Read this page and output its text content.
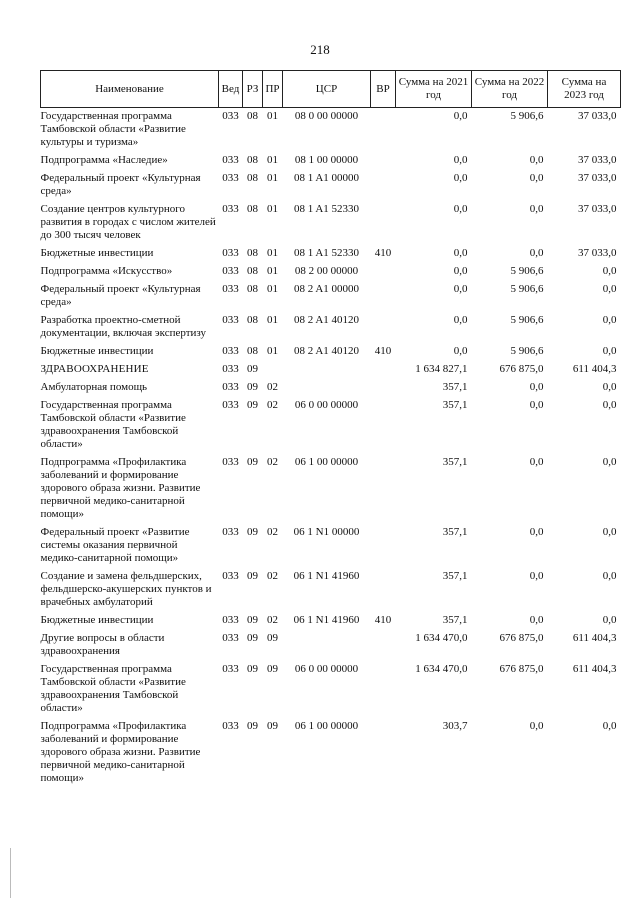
218
Наименование	Вед	РЗ	ПР	ЦСР	ВР	Сумма на 2021 год	Сумма на 2022 год	Сумма на 2023 год
Государственная программа Тамбовской области «Развитие культуры и туризма»	033	08	01	08 0 00 00000		0,0	5 906,6	37 033,0
Подпрограмма «Наследие»	033	08	01	08 1 00 00000		0,0	0,0	37 033,0
Федеральный проект «Культурная среда»	033	08	01	08 1 A1 00000		0,0	0,0	37 033,0
Создание центров культурного развития в городах с числом жителей до 300 тысяч человек	033	08	01	08 1 A1 52330		0,0	0,0	37 033,0
Бюджетные инвестиции	033	08	01	08 1 A1 52330	410	0,0	0,0	37 033,0
Подпрограмма «Искусство»	033	08	01	08 2 00 00000		0,0	5 906,6	0,0
Федеральный проект «Культурная среда»	033	08	01	08 2 A1 00000		0,0	5 906,6	0,0
Разработка проектно-сметной документации, включая экспертизу	033	08	01	08 2 A1 40120		0,0	5 906,6	0,0
Бюджетные инвестиции	033	08	01	08 2 A1 40120	410	0,0	5 906,6	0,0
ЗДРАВООХРАНЕНИЕ	033	09				1 634 827,1	676 875,0	611 404,3
Амбулаторная помощь	033	09	02			357,1	0,0	0,0
Государственная программа Тамбовской области «Развитие здравоохранения Тамбовской области»	033	09	02	06 0 00 00000		357,1	0,0	0,0
Подпрограмма «Профилактика заболеваний и формирование здорового образа жизни. Развитие первичной медико-санитарной помощи»	033	09	02	06 1 00 00000		357,1	0,0	0,0
Федеральный проект «Развитие системы оказания первичной медико-санитарной помощи»	033	09	02	06 1 N1 00000		357,1	0,0	0,0
Создание и замена фельдшерских, фельдшерско-акушерских пунктов и врачебных амбулаторий	033	09	02	06 1 N1 41960		357,1	0,0	0,0
Бюджетные инвестиции	033	09	02	06 1 N1 41960	410	357,1	0,0	0,0
Другие вопросы в области здравоохранения	033	09	09			1 634 470,0	676 875,0	611 404,3
Государственная программа Тамбовской области «Развитие здравоохранения Тамбовской области»	033	09	09	06 0 00 00000		1 634 470,0	676 875,0	611 404,3
Подпрограмма «Профилактика заболеваний и формирование здорового образа жизни. Развитие первичной медико-санитарной помощи»	033	09	09	06 1 00 00000		303,7	0,0	0,0
